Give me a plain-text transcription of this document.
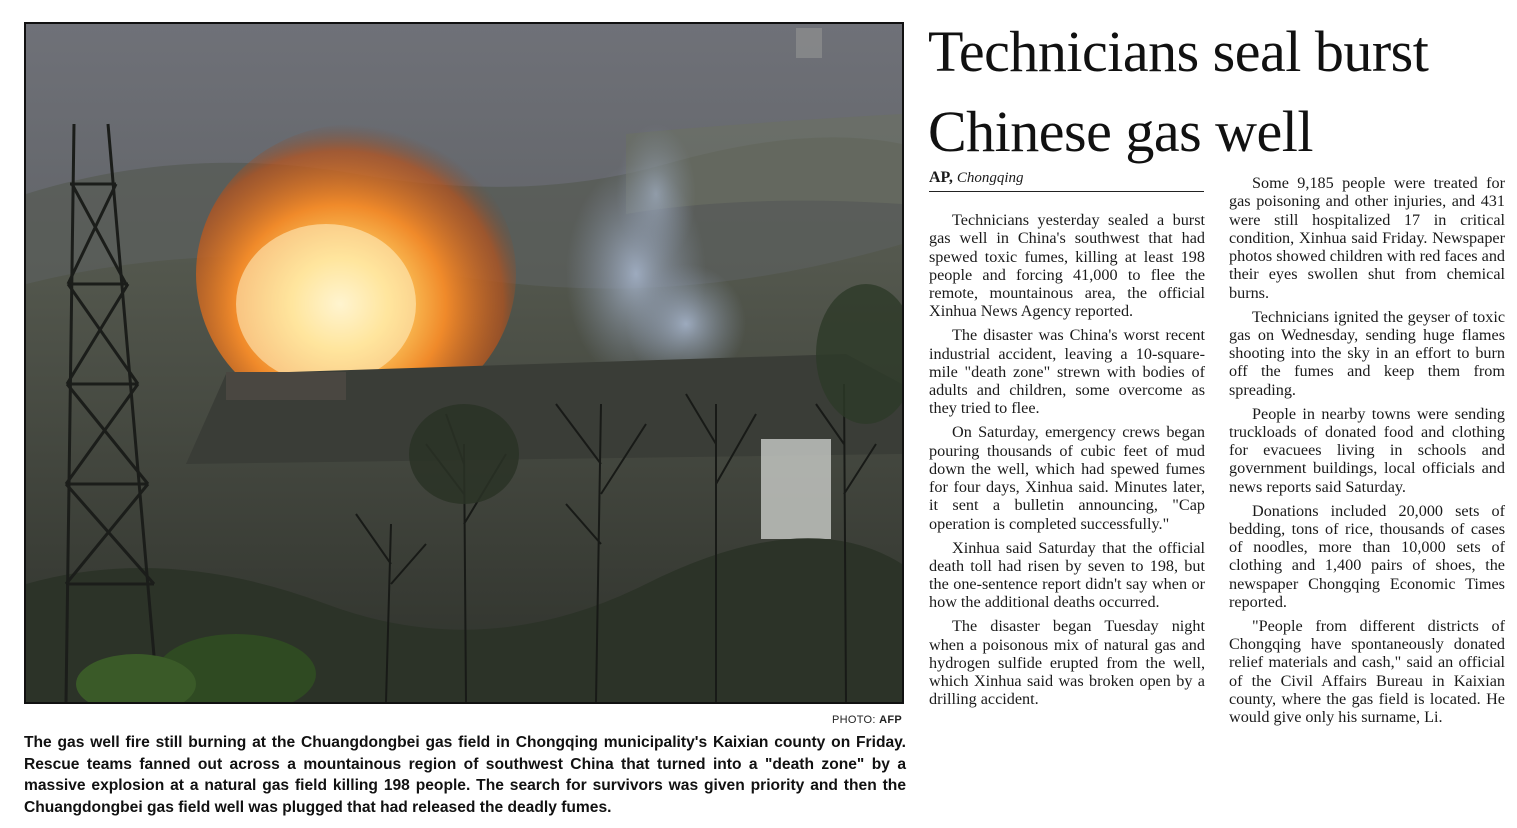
PHOTO: AFP

The gas well fire still burning at the Chuangdongbei gas field in Chongqing municipality's Kaixian county on Friday. Rescue teams fanned out across a mountainous region of southwest China that turned into a "death zone" by a massive explosion at a natural gas field killing 198 people. The search for survivors was given priority and then the Chuangdongbei gas field well was plugged that had released the deadly fumes.

Technicians seal burst
Chinese gas well
AP, Chongqing

Technicians yesterday sealed a burst gas well in China's southwest that had spewed toxic fumes, killing at least 198 people and forcing 41,000 to flee the remote, mountainous area, the official Xinhua News Agency reported.

The disaster was China's worst recent industrial accident, leaving a 10-square-mile "death zone" strewn with bodies of adults and children, some overcome as they tried to flee.

On Saturday, emergency crews began pouring thousands of cubic feet of mud down the well, which had spewed fumes for four days, Xinhua said. Minutes later, it sent a bulletin announcing, "Cap operation is completed successfully."

Xinhua said Saturday that the official death toll had risen by seven to 198, but the one-sentence report didn't say when or how the additional deaths occurred.

The disaster began Tuesday night when a poisonous mix of natural gas and hydrogen sulfide erupted from the well, which Xinhua said was broken open by a drilling accident.

Some 9,185 people were treated for gas poisoning and other injuries, and 431 were still hospitalized 17 in critical condition, Xinhua said Friday. Newspaper photos showed children with red faces and their eyes swollen shut from chemical burns.

Technicians ignited the geyser of toxic gas on Wednesday, sending huge flames shooting into the sky in an effort to burn off the fumes and keep them from spreading.

People in nearby towns were sending truckloads of donated food and clothing for evacuees living in schools and government buildings, local officials and news reports said Saturday.

Donations included 20,000 sets of bedding, tons of rice, thousands of cases of noodles, more than 10,000 sets of clothing and 1,400 pairs of shoes, the newspaper Chongqing Economic Times reported.

"People from different districts of Chongqing have spontaneously donated relief materials and cash," said an official of the Civil Affairs Bureau in Kaixian county, where the gas field is located. He would give only his surname, Li.
